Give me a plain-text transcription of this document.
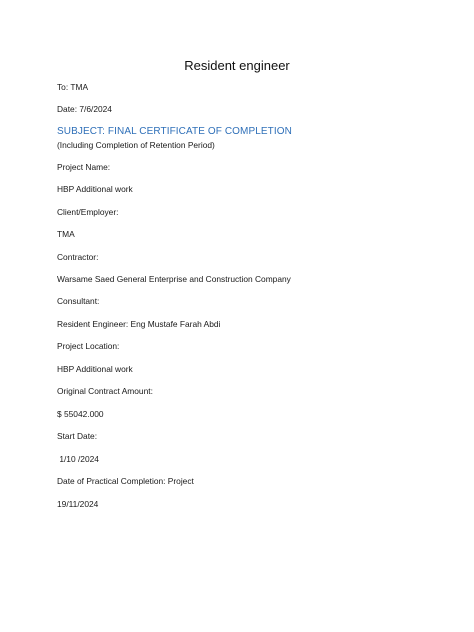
Resident engineer
To: TMA
Date: 7/6/2024
SUBJECT: FINAL CERTIFICATE OF COMPLETION
(Including Completion of Retention Period)
Project Name:
HBP Additional work
Client/Employer:
TMA
Contractor:
Warsame Saed General Enterprise and Construction Company
Consultant:
Resident Engineer: Eng Mustafe Farah Abdi
Project Location:
HBP Additional work
Original Contract Amount:
$ 55042.000
Start Date:
1/10 /2024
Date of Practical Completion: Project
19/11/2024
